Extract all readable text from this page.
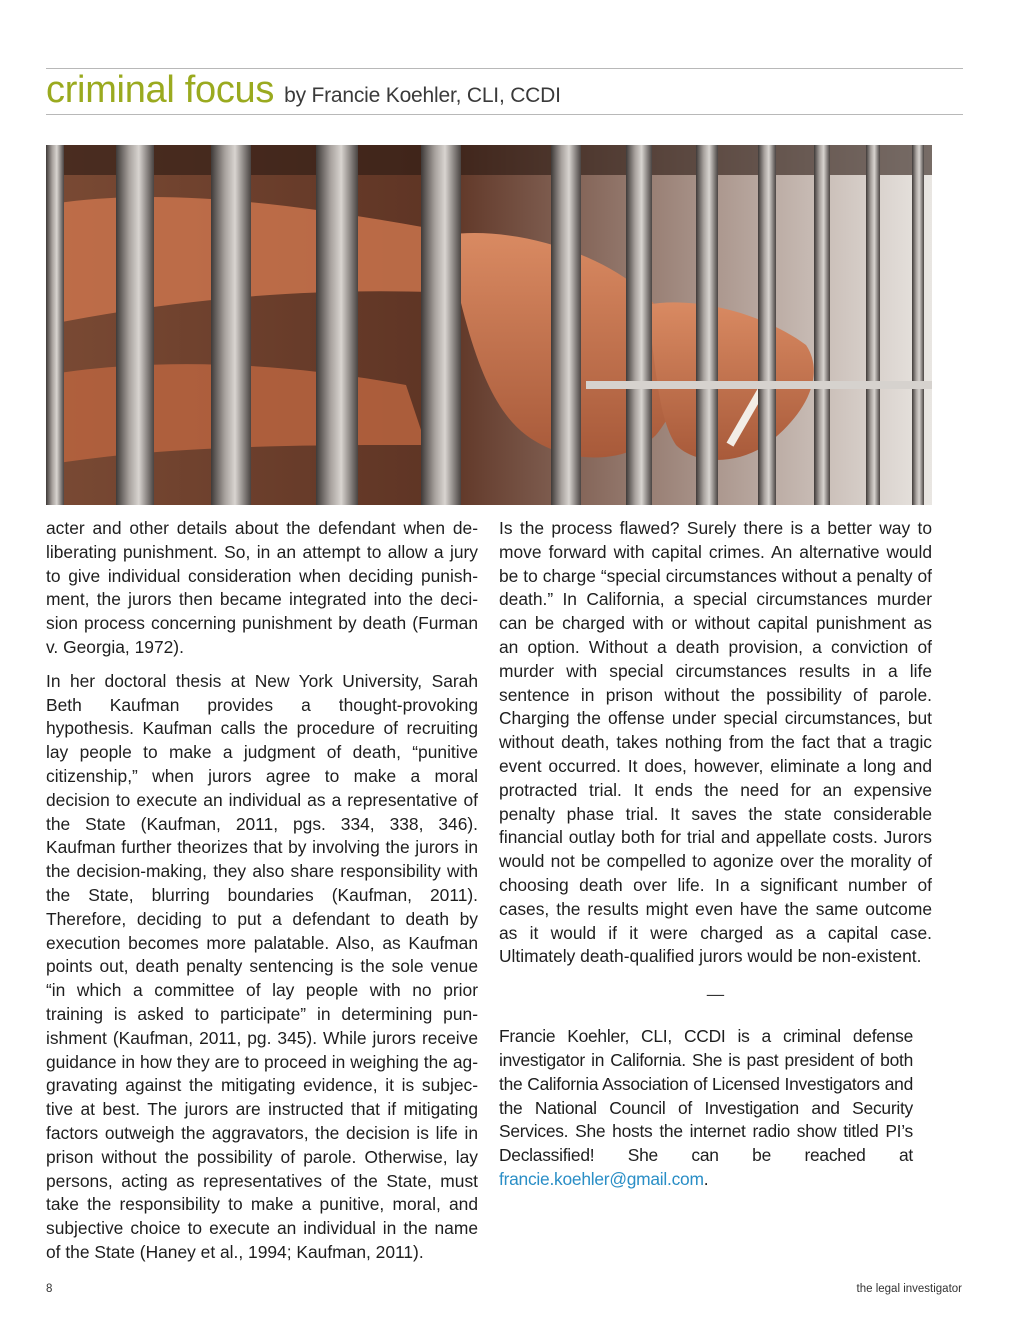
criminal focus by Francie Koehler, CLI, CCDI

acter and other details about the defendant when deliberating punishment. So, in an attempt to allow a jury to give individual consideration when deciding punishment, the jurors then became integrated into the decision process concerning punishment by death (Furman v. Georgia, 1972).

In her doctoral thesis at New York University, Sarah Beth Kaufman provides a thought-provoking hypothesis. Kaufman calls the procedure of recruiting lay people to make a judgment of death, “punitive citizenship,” when jurors agree to make a moral decision to execute an individual as a representative of the State (Kaufman, 2011, pgs. 334, 338, 346). Kaufman further theorizes that by involving the jurors in the decision-making, they also share responsibility with the State, blurring boundaries (Kaufman, 2011). Therefore, deciding to put a defendant to death by execution becomes more palatable. Also, as Kaufman points out, death penalty sentencing is the sole venue “in which a committee of lay people with no prior training is asked to participate” in determining punishment (Kaufman, 2011, pg. 345). While jurors receive guidance in how they are to proceed in weighing the aggravating against the mitigating evidence, it is subjective at best. The jurors are instructed that if mitigating factors outweigh the aggravators, the decision is life in prison without the possibility of parole. Otherwise, lay persons, acting as representatives of the State, must take the responsibility to make a punitive, moral, and subjective choice to execute an individual in the name of the State (Haney et al., 1994; Kaufman, 2011).

Is the process flawed? Surely there is a better way to move forward with capital crimes. An alternative would be to charge “special circumstances without a penalty of death.” In California, a special circumstances murder can be charged with or without capital punishment as an option. Without a death provision, a conviction of murder with special circumstances results in a life sentence in prison without the possibility of parole. Charging the offense under special circumstances, but without death, takes nothing from the fact that a tragic event occurred. It does, however, eliminate a long and protracted trial. It ends the need for an expensive penalty phase trial. It saves the state considerable financial outlay both for trial and appellate costs. Jurors would not be compelled to agonize over the morality of choosing death over life. In a significant number of cases, the results might even have the same outcome as it would if it were charged as a capital case. Ultimately death-qualified jurors would be non-existent.

—

Francie Koehler, CLI, CCDI is a criminal defense investigator in California. She is past president of both the California Association of Licensed Investigators and the National Council of Investigation and Security Services. She hosts the internet radio show titled PI’s Declassified! She can be reached at francie.koehler@gmail.com.

8	the legal investigator
